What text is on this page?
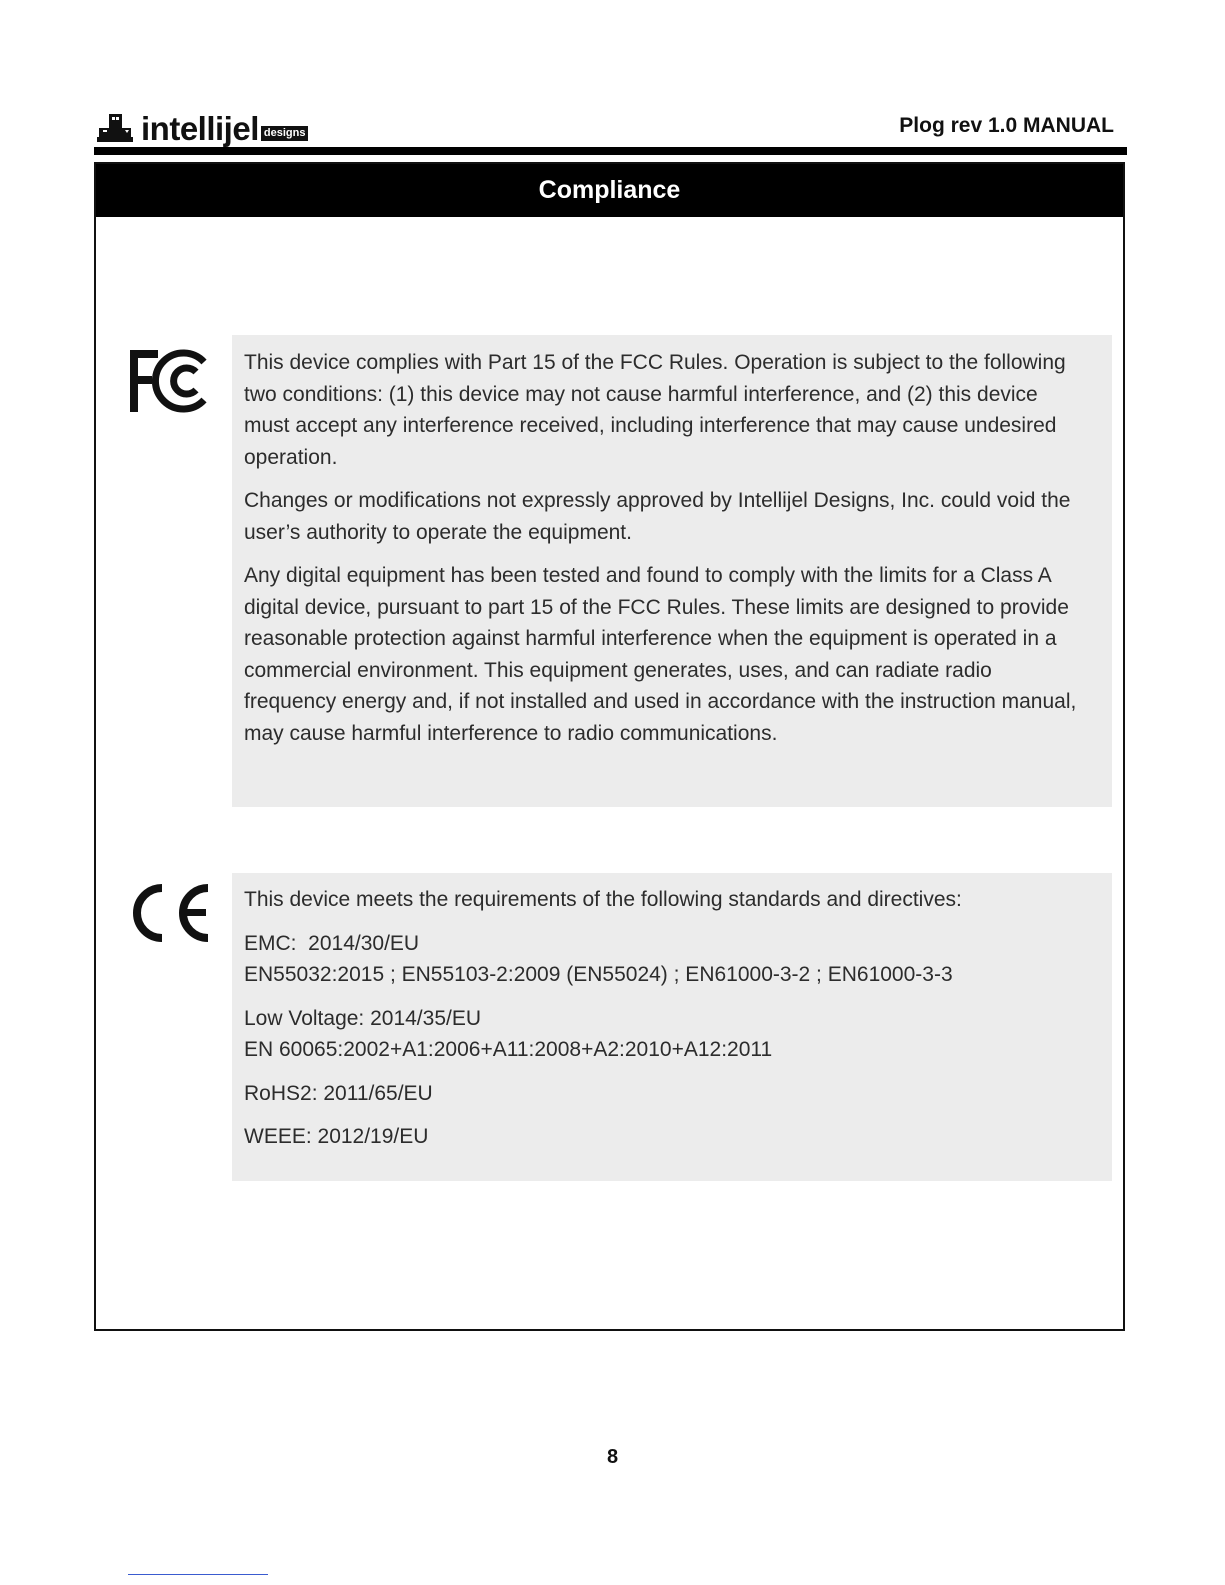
intellijel designs	Plog rev 1.0 MANUAL
Compliance

This device complies with Part 15 of the FCC Rules. Operation is subject to the following two conditions: (1) this device may not cause harmful interference, and (2) this device must accept any interference received, including interference that may cause undesired operation.

Changes or modifications not expressly approved by Intellijel Designs, Inc. could void the user’s authority to operate the equipment.

Any digital equipment has been tested and found to comply with the limits for a Class A digital device, pursuant to part 15 of the FCC Rules. These limits are designed to provide reasonable protection against harmful interference when the equipment is operated in a commercial environment. This equipment generates, uses, and can radiate radio frequency energy and, if not installed and used in accordance with the instruction manual, may cause harmful interference to radio communications.

This device meets the requirements of the following standards and directives:

EMC:  2014/30/EU
EN55032:2015 ; EN55103-2:2009 (EN55024) ; EN61000-3-2 ; EN61000-3-3

Low Voltage: 2014/35/EU
EN 60065:2002+A1:2006+A11:2008+A2:2010+A12:2011

RoHS2: 2011/65/EU

WEEE: 2012/19/EU

8
